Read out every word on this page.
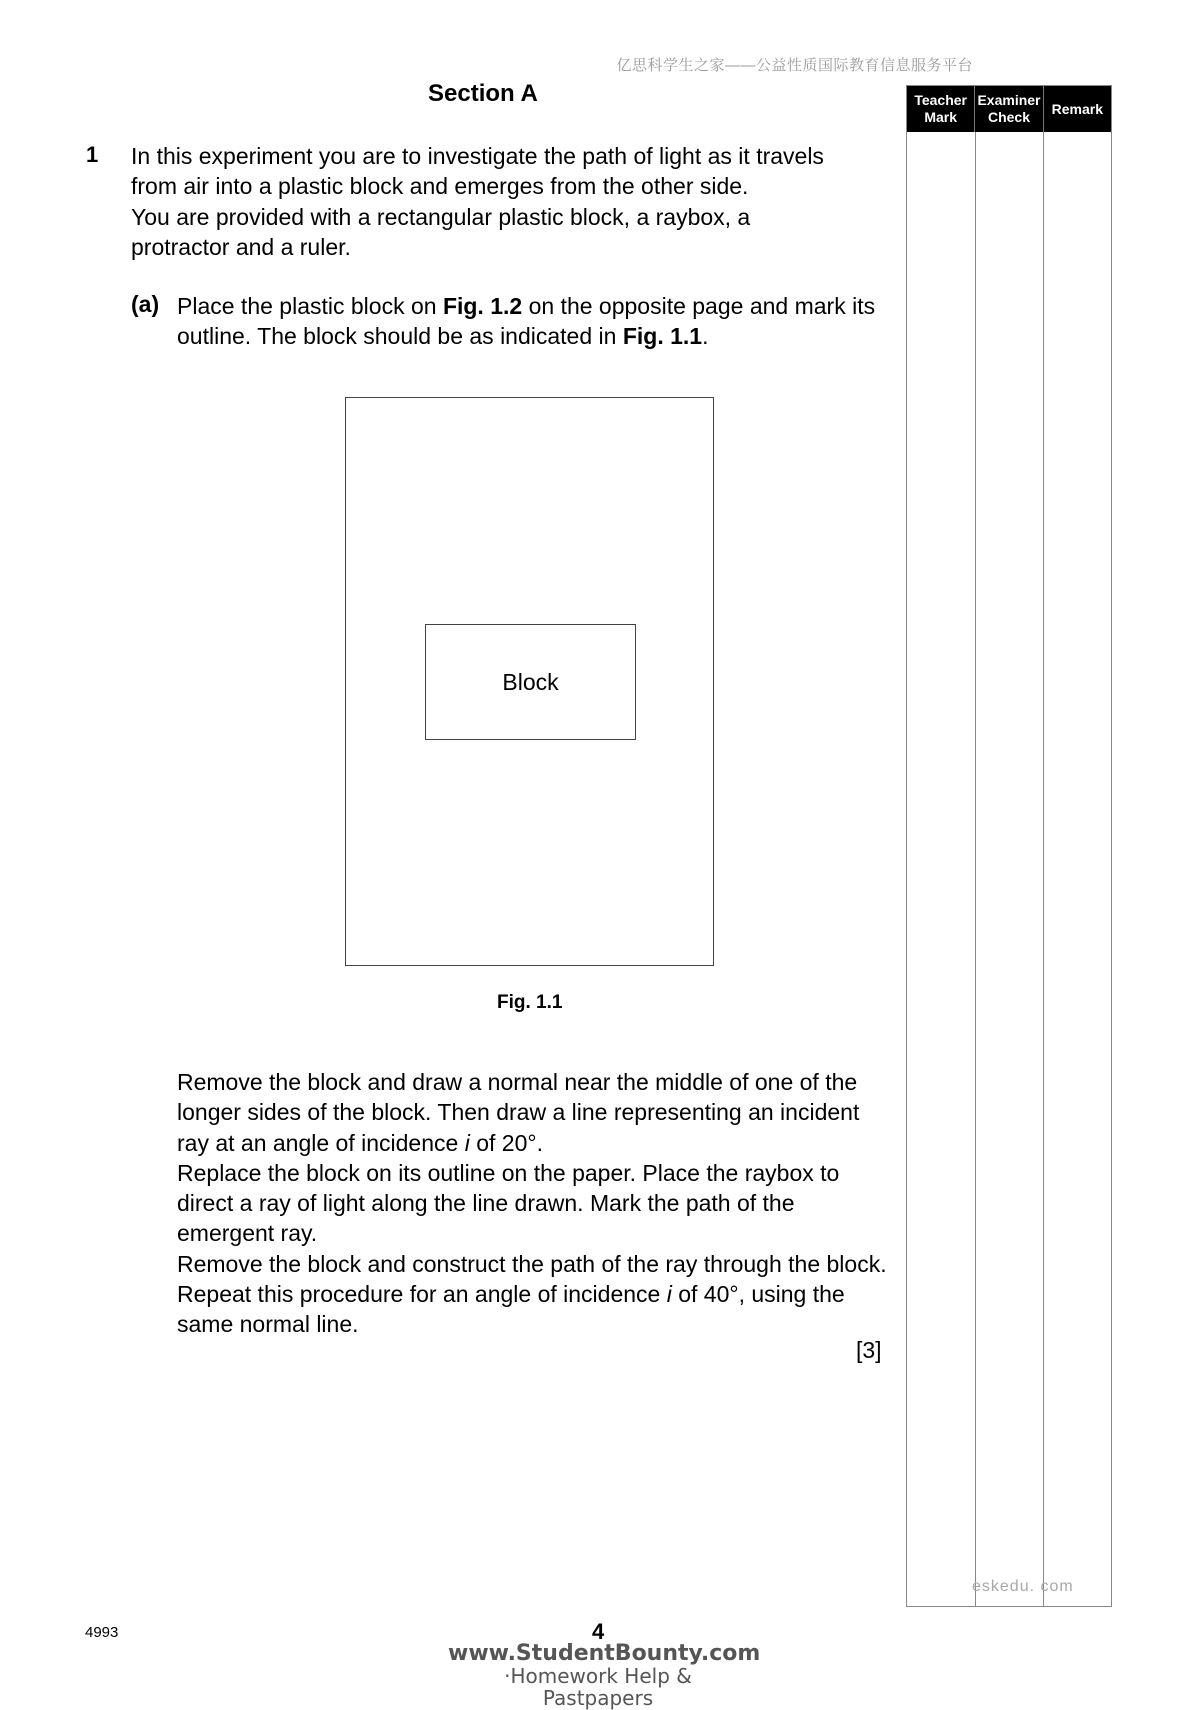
亿思科学生之家——公益性质国际教育信息服务平台
Section A
1 In this experiment you are to investigate the path of light as it travels
from air into a plastic block and emerges from the other side.
You are provided with a rectangular plastic block, a raybox, a
protractor and a ruler.
(a) Place the plastic block on Fig. 1.2 on the opposite page and mark its outline. The block should be as indicated in Fig. 1.1.
Block
Fig. 1.1
Remove the block and draw a normal near the middle of one of the longer sides of the block. Then draw a line representing an incident ray at an angle of incidence i of 20°.
Replace the block on its outline on the paper. Place the raybox to direct a ray of light along the line drawn. Mark the path of the emergent ray.
Remove the block and construct the path of the ray through the block.
Repeat this procedure for an angle of incidence i of 40°, using the same normal line.
[3]
Teacher Mark
Examiner Check
Remark
eskedu. com
4993	4
www.StudentBounty.com
·Homework Help & Pastpapers
